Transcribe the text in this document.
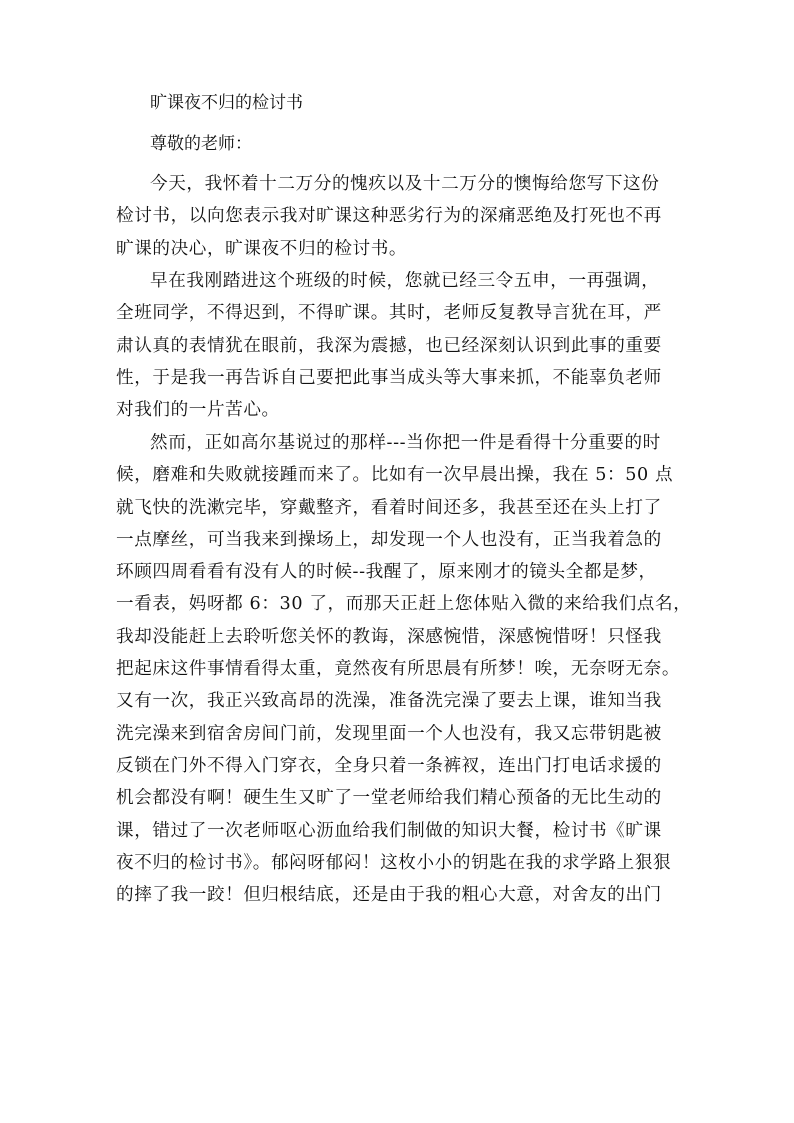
旷课夜不归的检讨书
尊敬的老师：
今天，我怀着十二万分的愧疚以及十二万分的懊悔给您写下这份
检讨书，以向您表示我对旷课这种恶劣行为的深痛恶绝及打死也不再
旷课的决心，旷课夜不归的检讨书。
早在我刚踏进这个班级的时候，您就已经三令五申，一再强调，
全班同学，不得迟到，不得旷课。其时，老师反复教导言犹在耳，严
肃认真的表情犹在眼前，我深为震撼，也已经深刻认识到此事的重要
性，于是我一再告诉自己要把此事当成头等大事来抓，不能辜负老师
对我们的一片苦心。
然而，正如高尔基说过的那样---当你把一件是看得十分重要的时
候，磨难和失败就接踵而来了。比如有一次早晨出操，我在 5：50 点
就飞快的洗漱完毕，穿戴整齐，看着时间还多，我甚至还在头上打了
一点摩丝，可当我来到操场上，却发现一个人也没有，正当我着急的
环顾四周看看有没有人的时候--我醒了，原来刚才的镜头全都是梦，
一看表，妈呀都 6：30 了，而那天正赶上您体贴入微的来给我们点名，
我却没能赶上去聆听您关怀的教诲，深感惋惜，深感惋惜呀！只怪我
把起床这件事情看得太重，竟然夜有所思晨有所梦！唉，无奈呀无奈。
又有一次，我正兴致高昂的洗澡，准备洗完澡了要去上课，谁知当我
洗完澡来到宿舍房间门前，发现里面一个人也没有，我又忘带钥匙被
反锁在门外不得入门穿衣，全身只着一条裤衩，连出门打电话求援的
机会都没有啊！硬生生又旷了一堂老师给我们精心预备的无比生动的
课，错过了一次老师呕心沥血给我们制做的知识大餐，检讨书《旷课
夜不归的检讨书》。郁闷呀郁闷！这枚小小的钥匙在我的求学路上狠狠
的摔了我一跤！但归根结底，还是由于我的粗心大意，对舍友的出门
